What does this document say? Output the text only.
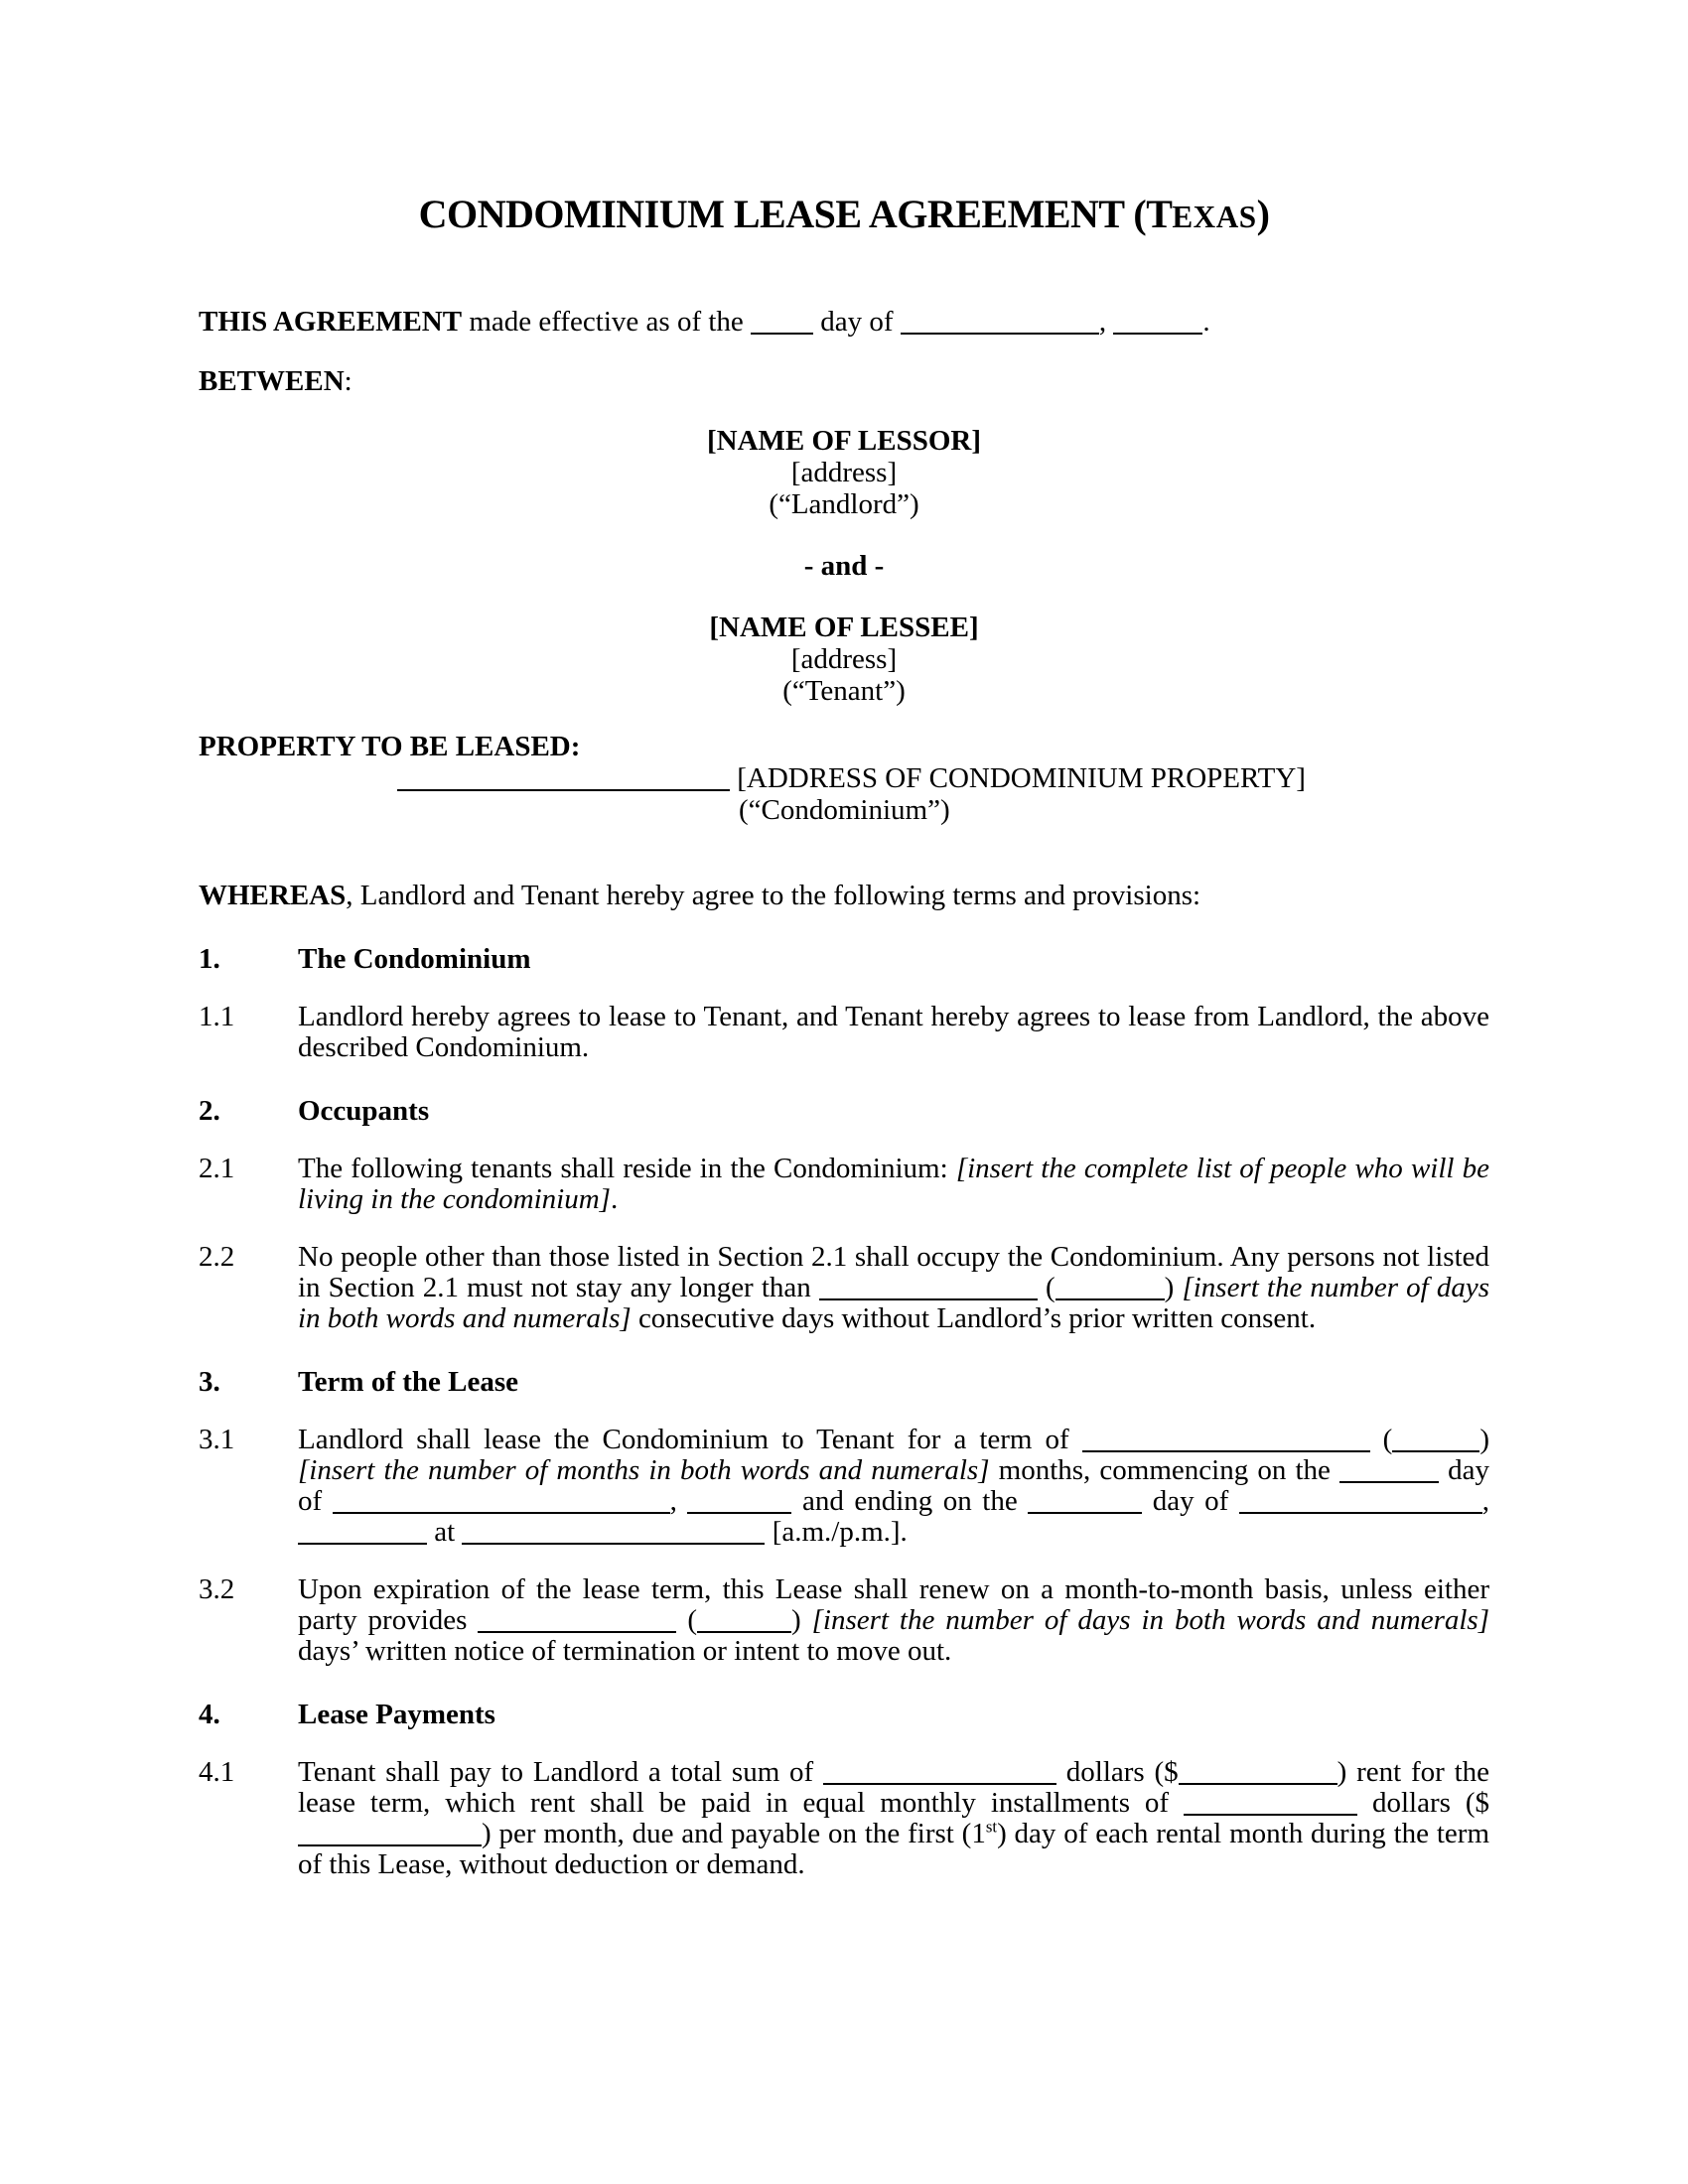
CONDOMINIUM LEASE AGREEMENT (TEXAS)

THIS AGREEMENT made effective as of the  day of	,	.

BETWEEN:

[NAME OF LESSOR]

[address]

(“Landlord”)

- and -

[NAME OF LESSEE]

[address]

(“Tenant”)

PROPERTY TO BE LEASED:
[ADDRESS OF CONDOMINIUM PROPERTY]
(“Condominium”)

WHEREAS, Landlord and Tenant hereby agree to the following terms and provisions:

1.	The Condominium
1.1	Landlord hereby agrees to lease to Tenant, and Tenant hereby agrees to lease from Landlord, the above described Condominium.
2.	Occupants
2.1	The following tenants shall reside in the Condominium: [insert the complete list of people who will be living in the condominium].
2.2	No people other than those listed in Section 2.1 shall occupy the Condominium. Any persons not listed in Section 2.1 must not stay any longer than	(	) [insert the number of days in both words and numerals] consecutive days without Landlord’s prior written consent.
3.	Term of the Lease
3.1	Landlord shall lease the Condominium to Tenant for a term of	(	) [insert the number of months in both words and numerals] months, commencing on the	day of	,	and ending on the	day of	,  at	[a.m./p.m.].
3.2	Upon expiration of the lease term, this Lease shall renew on a month-to-month basis, unless either party provides	(	) [insert the number of days in both words and numerals] days’ written notice of termination or intent to move out.
4.	Lease Payments
4.1	Tenant shall pay to Landlord a total sum of	dollars ($	) rent for the lease term, which rent shall be paid in equal monthly installments of	dollars ($) per month, due and payable on the first (1st) day of each rental month during the term of this Lease, without deduction or demand.
